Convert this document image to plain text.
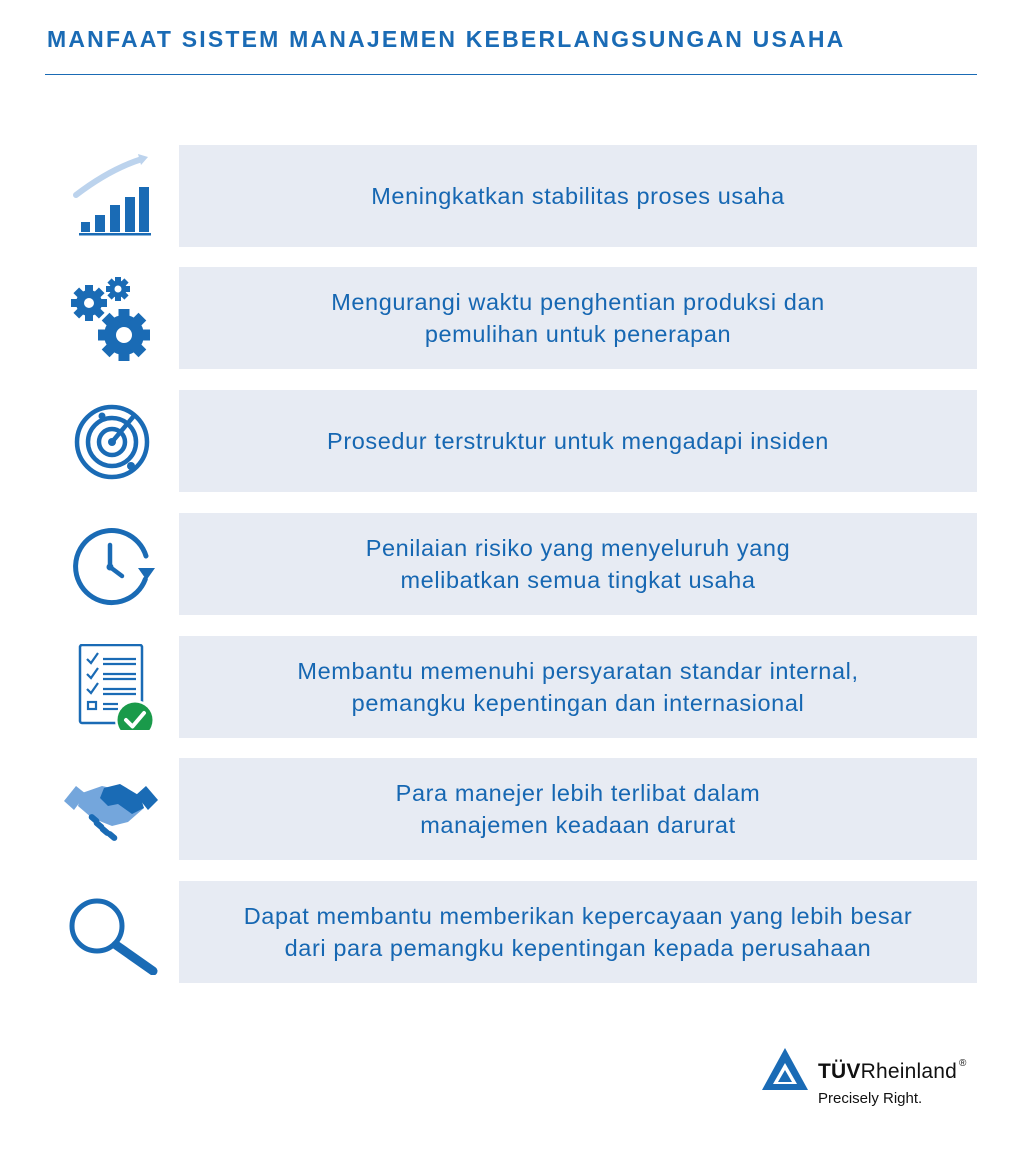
MANFAAT SISTEM MANAJEMEN KEBERLANGSUNGAN USAHA
Meningkatkan stabilitas proses usaha
Mengurangi waktu penghentian produksi dan
pemulihan untuk penerapan
Prosedur terstruktur untuk mengadapi insiden
Penilaian risiko yang menyeluruh yang
melibatkan semua tingkat usaha
Membantu memenuhi persyaratan standar internal,
pemangku kepentingan dan internasional
Para manejer lebih terlibat dalam
manajemen keadaan darurat
Dapat membantu memberikan kepercayaan yang lebih besar
dari para pemangku kepentingan kepada perusahaan
TÜVRheinland ®
Precisely Right.
